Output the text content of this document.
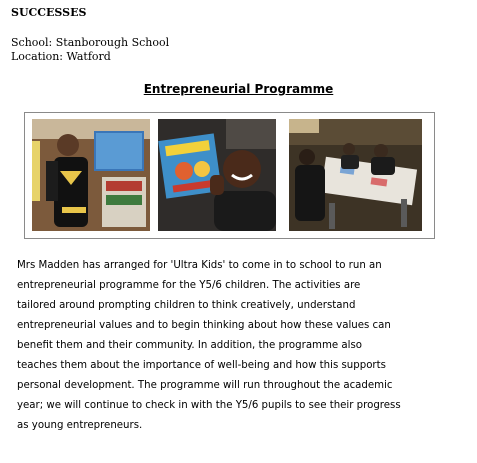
SUCCESSES
School: Stanborough School
Location: Watford
Entrepreneurial Programme
Mrs Madden has arranged for 'Ultra Kids' to come in to school to run an
entrepreneurial programme for the Y5/6 children. The activities are
tailored around prompting children to think creatively, understand
entrepreneurial values and to begin thinking about how these values can
benefit them and their community. In addition, the programme also
teaches them about the importance of well-being and how this supports
personal development. The programme will run throughout the academic
year; we will continue to check in with the Y5/6 pupils to see their progress
as young entrepreneurs.
